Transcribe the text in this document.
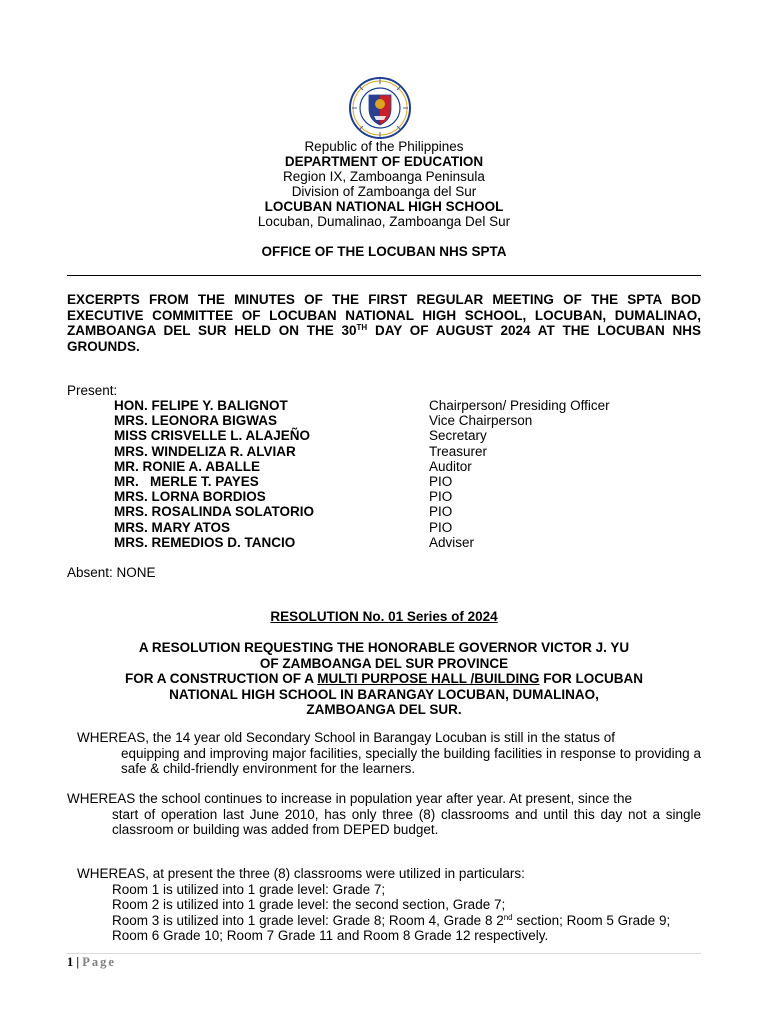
Republic of the Philippines
DEPARTMENT OF EDUCATION
Region IX, Zamboanga Peninsula
Division of Zamboanga del Sur
LOCUBAN NATIONAL HIGH SCHOOL
Locuban, Dumalinao, Zamboanga Del Sur
OFFICE OF THE LOCUBAN NHS SPTA
EXCERPTS FROM THE MINUTES OF THE FIRST REGULAR MEETING OF THE SPTA BOD EXECUTIVE COMMITTEE OF LOCUBAN NATIONAL HIGH SCHOOL, LOCUBAN, DUMALINAO, ZAMBOANGA DEL SUR HELD ON THE 30TH DAY OF AUGUST 2024 AT THE LOCUBAN NHS GROUNDS.
Present:
HON. FELIPE Y. BALIGNOT	Chairperson/ Presiding Officer
MRS. LEONORA BIGWAS	Vice Chairperson
MISS CRISVELLE L. ALAJEÑO	Secretary
MRS. WINDELIZA R. ALVIAR	Treasurer
MR. RONIE A. ABALLE	Auditor
MR.   MERLE T. PAYES	PIO
MRS. LORNA BORDIOS	PIO
MRS. ROSALINDA SOLATORIO	PIO
MRS. MARY ATOS	PIO
MRS. REMEDIOS D. TANCIO	Adviser
Absent: NONE
RESOLUTION No. 01 Series of 2024
A RESOLUTION REQUESTING THE HONORABLE GOVERNOR VICTOR J. YU
OF ZAMBOANGA DEL SUR PROVINCE
FOR A CONSTRUCTION OF A MULTI PURPOSE HALL /BUILDING FOR LOCUBAN
NATIONAL HIGH SCHOOL IN BARANGAY LOCUBAN, DUMALINAO,
ZAMBOANGA DEL SUR.
WHEREAS, the 14 year old Secondary School in Barangay Locuban is still in the status of
equipping and improving major facilities, specially the building facilities in response to providing a safe & child-friendly environment for the learners.
WHEREAS the school continues to increase in population year after year. At present, since the
start of operation last June 2010, has only three (8) classrooms and until this day not a single classroom or building was added from DEPED budget.
WHEREAS, at present the three (8) classrooms were utilized in particulars:
Room 1 is utilized into 1 grade level: Grade 7;
Room 2 is utilized into 1 grade level: the second section, Grade 7;
Room 3 is utilized into 1 grade level: Grade 8; Room 4, Grade 8 2nd section; Room 5 Grade 9; Room 6 Grade 10; Room 7 Grade 11 and Room 8 Grade 12 respectively.
1 | Page
